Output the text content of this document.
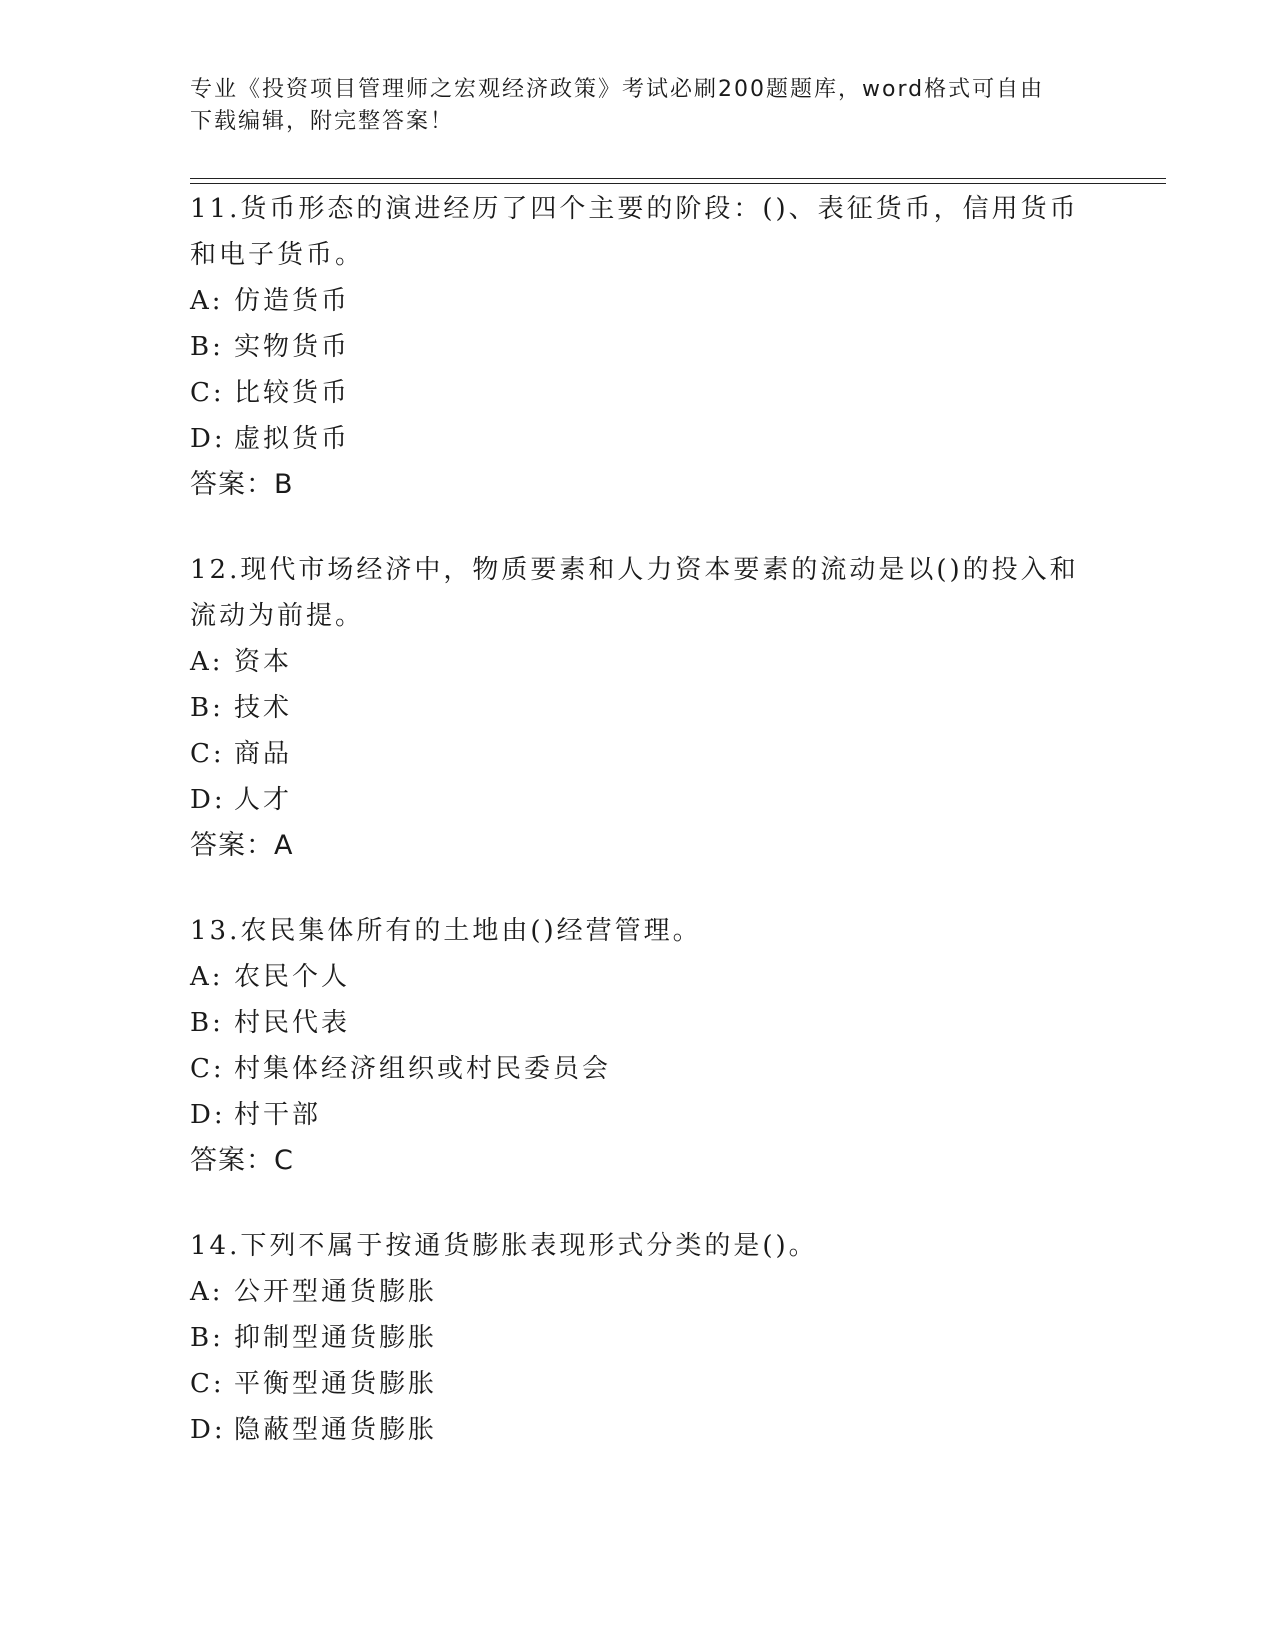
专业《投资项目管理师之宏观经济政策》考试必刷200题题库，word格式可自由
下载编辑，附完整答案！
11.货币形态的演进经历了四个主要的阶段：()、表征货币，信用货币
和电子货币。
A: 仿造货币
B: 实物货币
C: 比较货币
D: 虚拟货币
答案：B
12.现代市场经济中，物质要素和人力资本要素的流动是以()的投入和
流动为前提。
A: 资本
B: 技术
C: 商品
D: 人才
答案：A
13.农民集体所有的土地由()经营管理。
A: 农民个人
B: 村民代表
C: 村集体经济组织或村民委员会
D: 村干部
答案：C
14.下列不属于按通货膨胀表现形式分类的是()。
A: 公开型通货膨胀
B: 抑制型通货膨胀
C: 平衡型通货膨胀
D: 隐蔽型通货膨胀
